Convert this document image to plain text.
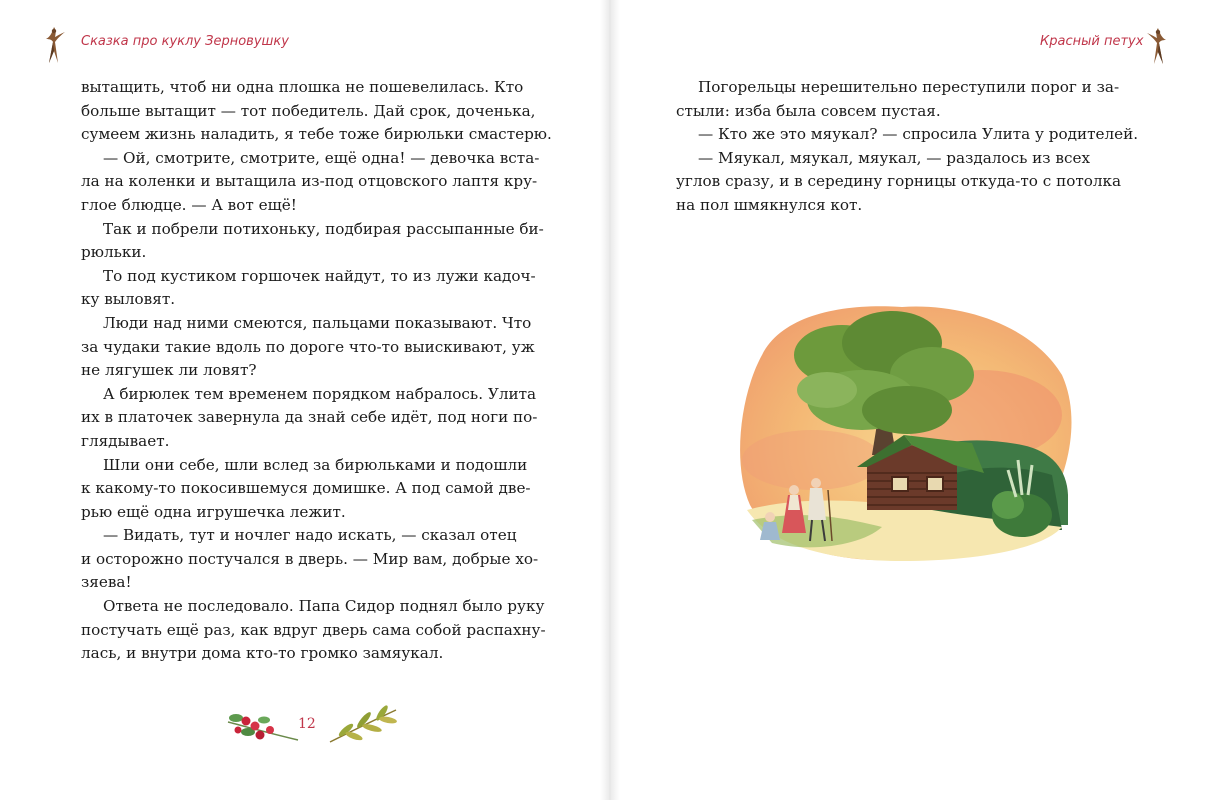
Сказка про куклу Зерновушку	Красный петух

вытащить, чтоб ни одна плошка не пошевелилась. Кто

больше вытащит — тот победитель. Дай срок, доченька,

сумеем жизнь наладить, я тебе тоже бирюльки смастерю.

— Ой, смотрите, смотрите, ещё одна! — девочка вста-

ла на коленки и вытащила из-под отцовского лаптя кру-

глое блюдце. — А вот ещё!

Так и побрели потихоньку, подбирая рассыпанные би-

рюльки.

То под кустиком горшочек найдут, то из лужи кадоч-

ку выловят.

Люди над ними смеются, пальцами показывают. Что

за чудаки такие вдоль по дороге что-то выискивают, уж

не лягушек ли ловят?

А бирюлек тем временем порядком набралось. Улита

их в платочек завернула да знай себе идёт, под ноги по-

глядывает.

Шли они себе, шли вслед за бирюльками и подошли

к какому-то покосившемуся домишке. А под самой две-

рью ещё одна игрушечка лежит.

— Видать, тут и ночлег надо искать, — сказал отец

и осторожно постучался в дверь. — Мир вам, добрые хо-

зяева!

Ответа не последовало. Папа Сидор поднял было руку

постучать ещё раз, как вдруг дверь сама собой распахну-

лась, и внутри дома кто-то громко замяукал.

Погорельцы нерешительно переступили порог и за-

стыли: изба была совсем пустая.

— Кто же это мяукал? — спросила Улита у родителей.

— Мяукал, мяукал, мяукал, — раздалось из всех

углов сразу, и в середину горницы откуда-то с потолка

на пол шмякнулся кот.

12
